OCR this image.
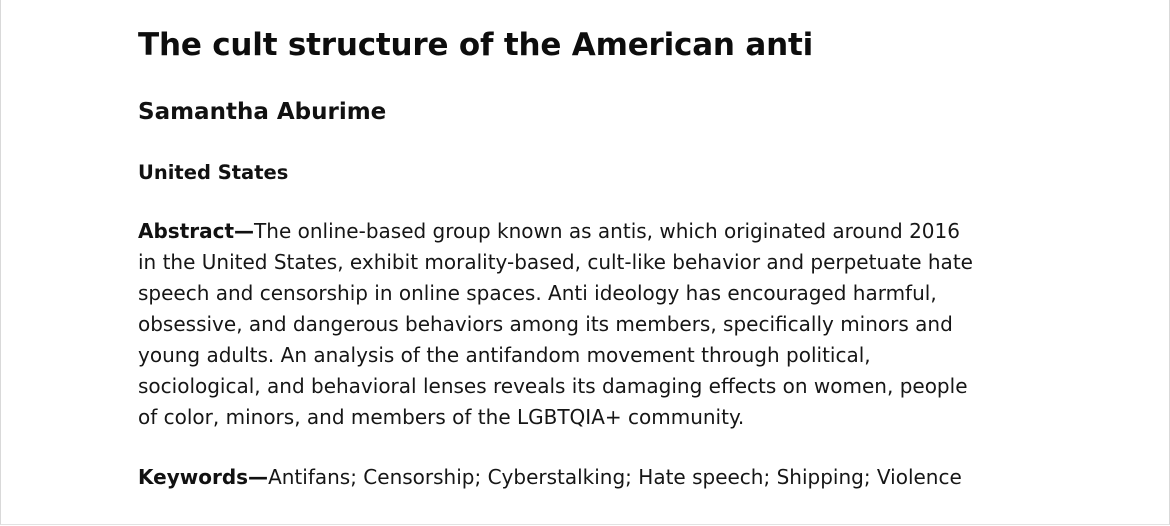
The cult structure of the American anti
Samantha Aburime
United States

Abstract—The online-based group known as antis, which originated around 2016
in the United States, exhibit morality-based, cult-like behavior and perpetuate hate
speech and censorship in online spaces. Anti ideology has encouraged harmful,
obsessive, and dangerous behaviors among its members, specifically minors and
young adults. An analysis of the antifandom movement through political,
sociological, and behavioral lenses reveals its damaging effects on women, people
of color, minors, and members of the LGBTQIA+ community.

Keywords—Antifans; Censorship; Cyberstalking; Hate speech; Shipping; Violence
